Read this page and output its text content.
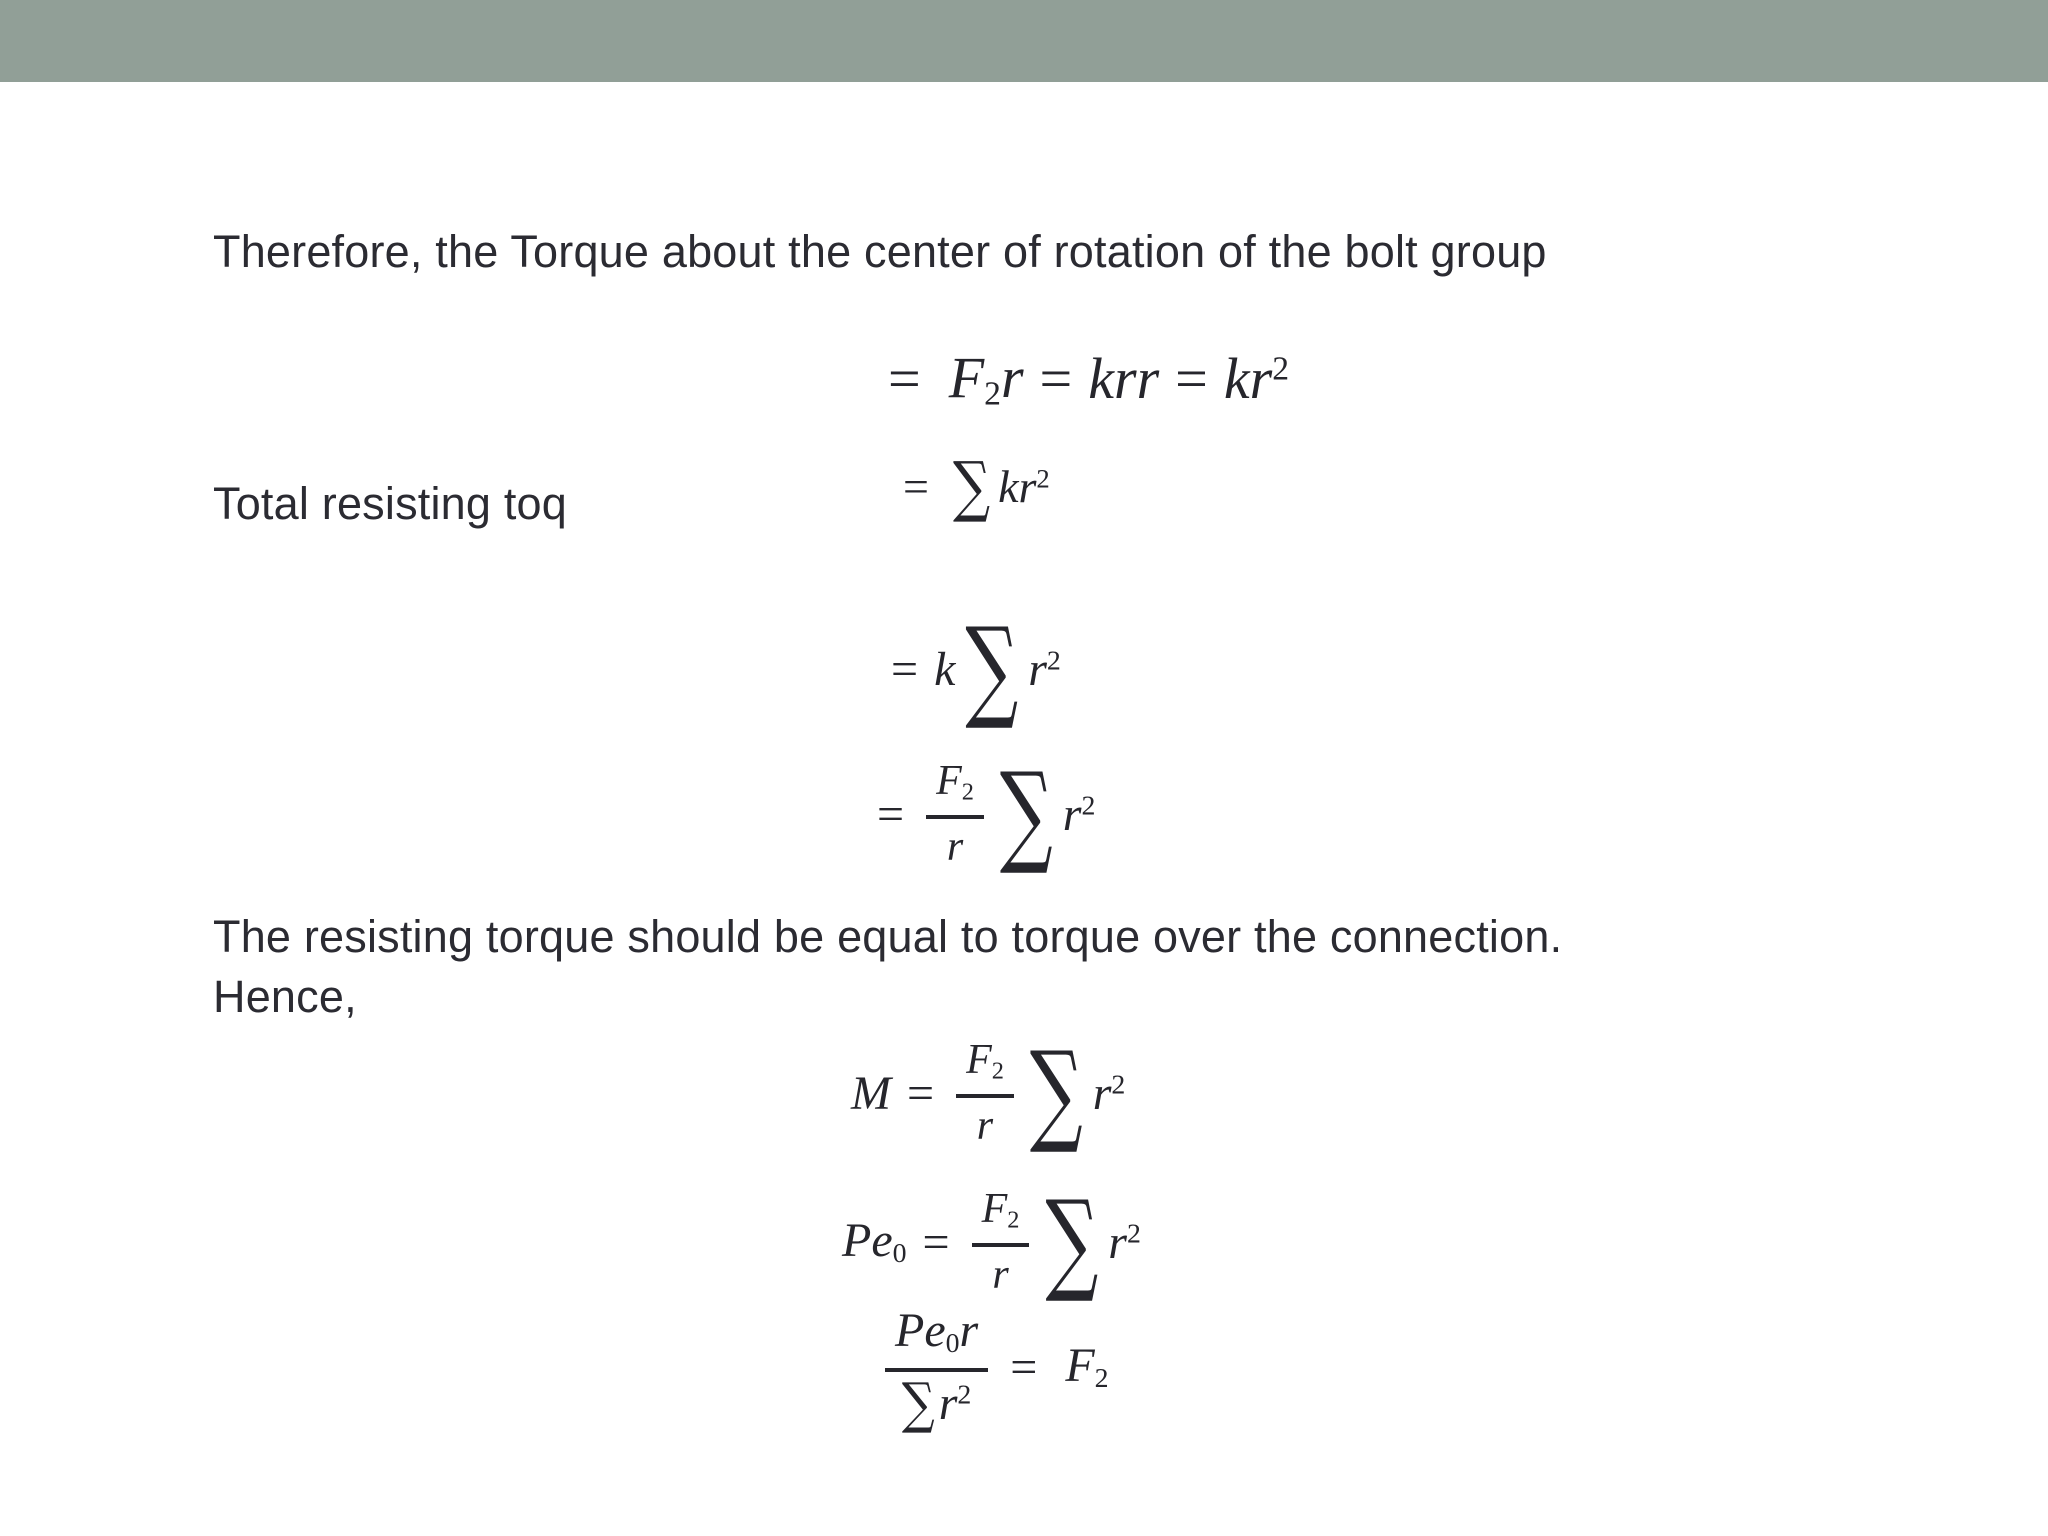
Therefore, the Torque about the center of rotation of the bolt group
= $F_2r$ = krr = $kr^2$
Total resisting toq	= ∑ $kr^2$
= k ∑ $r^2$
= $\frac{F_2}{r}$ ∑ $r^2$
The resisting torque should be equal to torque over the connection.
Hence,
$M = \frac{F_2}{r}$ ∑ $r^2$
$Pe_0 = \frac{F_2}{r}$ ∑ $r^2$
$\frac{Pe_0r}{\sum r^2} = F_2$
